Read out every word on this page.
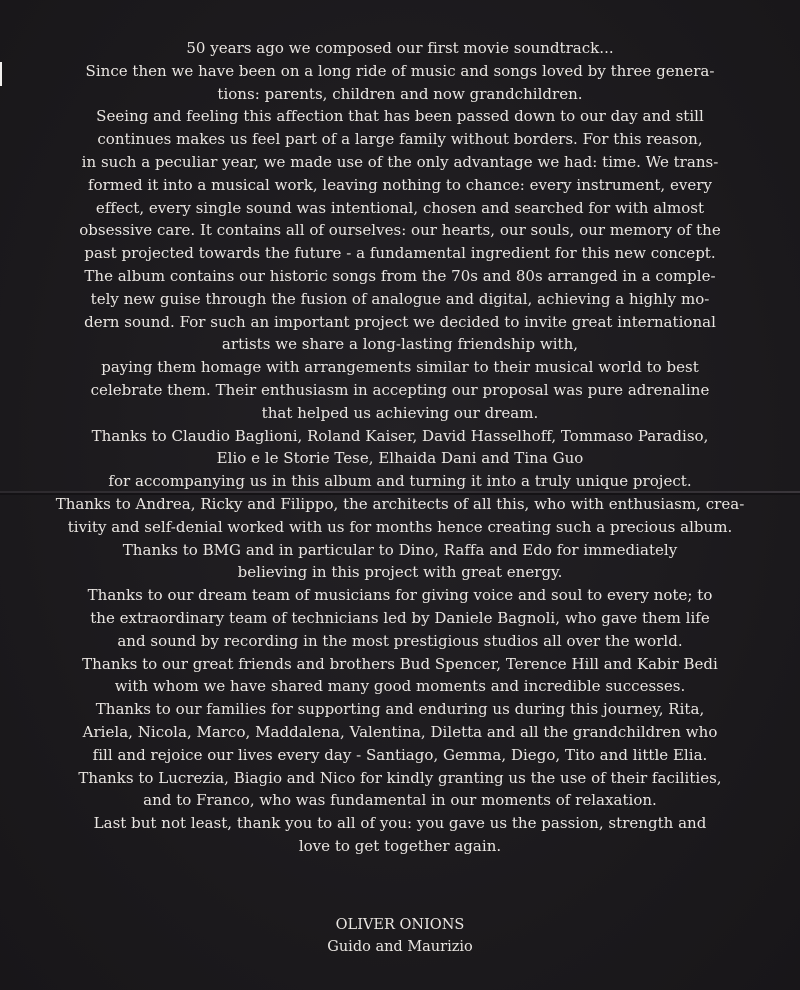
50 years ago we composed our first movie soundtrack...
Since then we have been on a long ride of music and songs loved by three genera-
tions: parents, children and now grandchildren.
Seeing and feeling this affection that has been passed down to our day and still
continues makes us feel part of a large family without borders. For this reason,
in such a peculiar year, we made use of the only advantage we had: time. We trans-
formed it into a musical work, leaving nothing to chance: every instrument, every
effect, every single sound was intentional, chosen and searched for with almost
obsessive care. It contains all of ourselves: our hearts, our souls, our memory of the
past projected towards the future - a fundamental ingredient for this new concept.
The album contains our historic songs from the 70s and 80s arranged in a comple-
tely new guise through the fusion of analogue and digital, achieving a highly mo-
dern sound. For such an important project we decided to invite great international
artists we share a long-lasting friendship with,
paying them homage with arrangements similar to their musical world to best
celebrate them. Their enthusiasm in accepting our proposal was pure adrenaline
that helped us achieving our dream.
Thanks to Claudio Baglioni, Roland Kaiser, David Hasselhoff, Tommaso Paradiso,
Elio e le Storie Tese, Elhaida Dani and Tina Guo
for accompanying us in this album and turning it into a truly unique project.
Thanks to Andrea, Ricky and Filippo, the architects of all this, who with enthusiasm, crea-
tivity and self-denial worked with us for months hence creating such a precious album.
Thanks to BMG and in particular to Dino, Raffa and Edo for immediately
believing in this project with great energy.
Thanks to our dream team of musicians for giving voice and soul to every note; to
the extraordinary team of technicians led by Daniele Bagnoli, who gave them life
and sound by recording in the most prestigious studios all over the world.
Thanks to our great friends and brothers Bud Spencer, Terence Hill and Kabir Bedi
with whom we have shared many good moments and incredible successes.
Thanks to our families for supporting and enduring us during this journey, Rita,
Ariela, Nicola, Marco, Maddalena, Valentina, Diletta and all the grandchildren who
fill and rejoice our lives every day - Santiago, Gemma, Diego, Tito and little Elia.
Thanks to Lucrezia, Biagio and Nico for kindly granting us the use of their facilities,
and to Franco, who was fundamental in our moments of relaxation.
Last but not least, thank you to all of you: you gave us the passion, strength and
love to get together again.
OLIVER ONIONS
Guido and Maurizio
